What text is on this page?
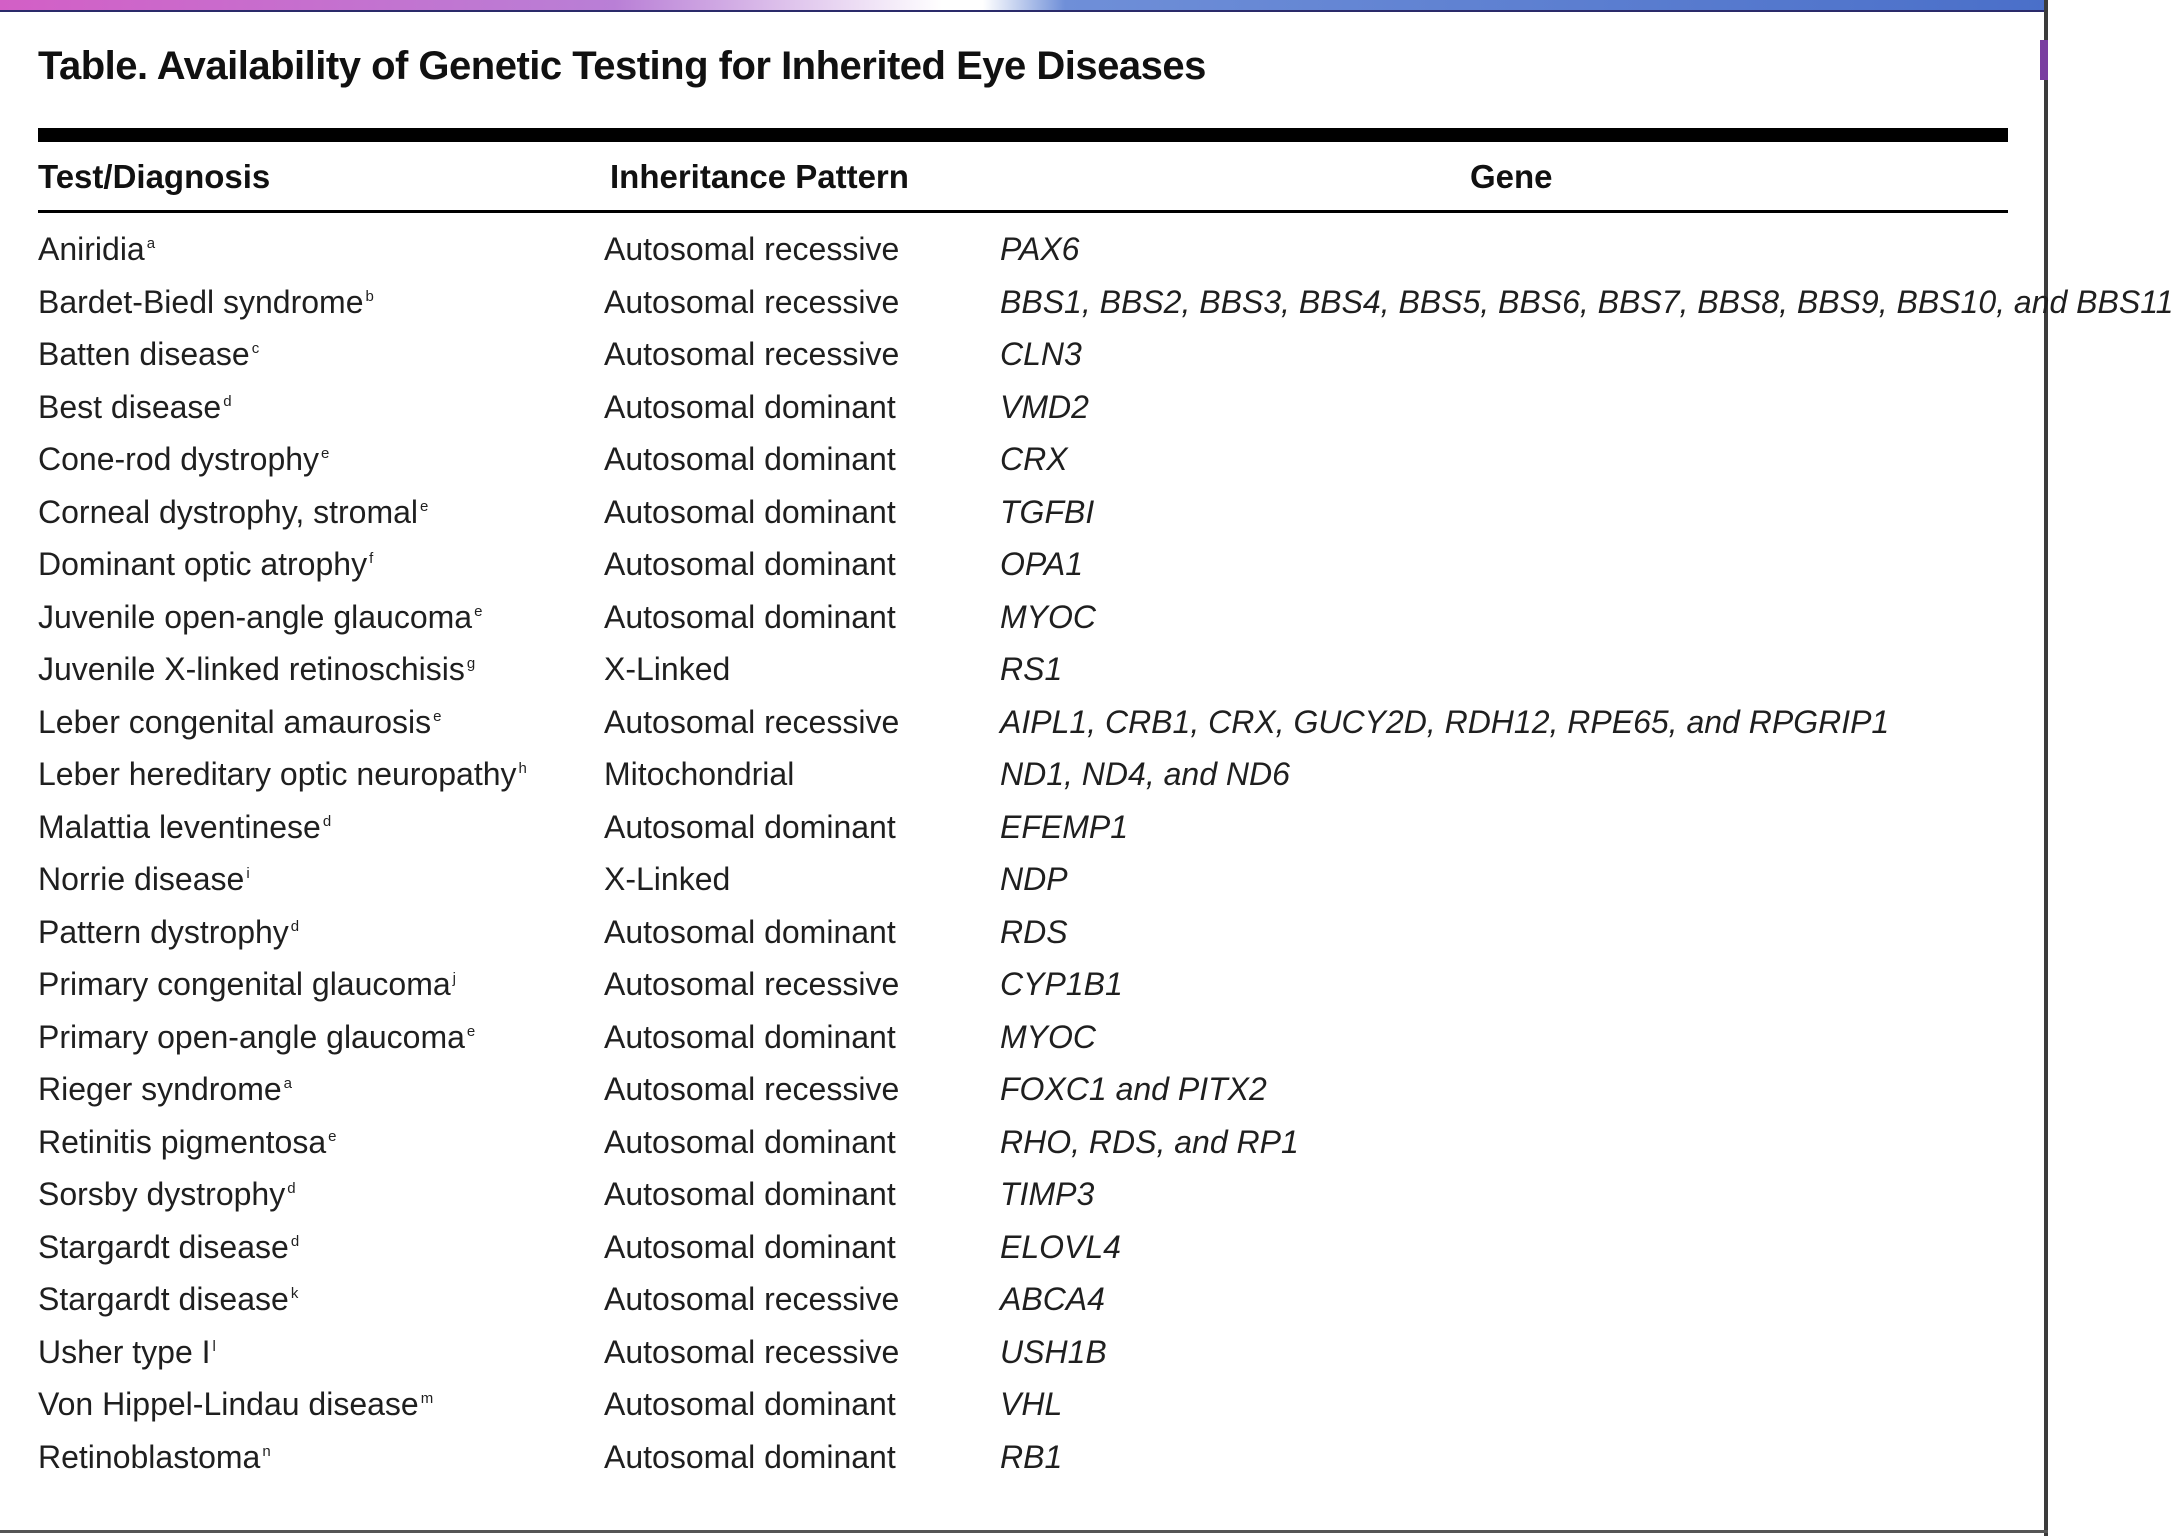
Table. Availability of Genetic Testing for Inherited Eye Diseases
Test/Diagnosis	Inheritance Pattern	Gene
Aniridia $^a$	Autosomal recessive	PAX6
Bardet-Biedl syndrome $^b$	Autosomal recessive	BBS1, BBS2, BBS3, BBS4, BBS5, BBS6, BBS7, BBS8, BBS9, BBS10, and BBS11
Batten disease $^c$	Autosomal recessive	CLN3
Best disease $^d$	Autosomal dominant	VMD2
Cone-rod dystrophy $^e$	Autosomal dominant	CRX
Corneal dystrophy, stromal $^e$	Autosomal dominant	TGFBI
Dominant optic atrophy $^f$	Autosomal dominant	OPA1
Juvenile open-angle glaucoma $^e$	Autosomal dominant	MYOC
Juvenile X-linked retinoschisis $^g$	X-Linked	RS1
Leber congenital amaurosis $^e$	Autosomal recessive	AIPL1, CRB1, CRX, GUCY2D, RDH12, RPE65, and RPGRIP1
Leber hereditary optic neuropathy $^h$ Mitochondrial	ND1, ND4, and ND6
Malattia leventinese $^d$	Autosomal dominant	EFEMP1
Norrie disease $^i$	X-Linked	NDP
Pattern dystrophy $^d$	Autosomal dominant	RDS
Primary congenital glaucoma $^j$	Autosomal recessive	CYP1B1
Primary open-angle glaucoma $^e$	Autosomal dominant	MYOC
Rieger syndrome $^a$	Autosomal recessive	FOXC1 and PITX2
Retinitis pigmentosa $^e$	Autosomal dominant	RHO, RDS, and RP1
Sorsby dystrophy $^d$	Autosomal dominant	TIMP3
Stargardt disease $^d$	Autosomal dominant	ELOVL4
Stargardt disease $^k$	Autosomal recessive	ABCA4
Usher type I $^l$	Autosomal recessive	USH1B
Von Hippel-Lindau disease $^m$	Autosomal dominant	VHL
Retinoblastoma $^n$	Autosomal dominant	RB1
